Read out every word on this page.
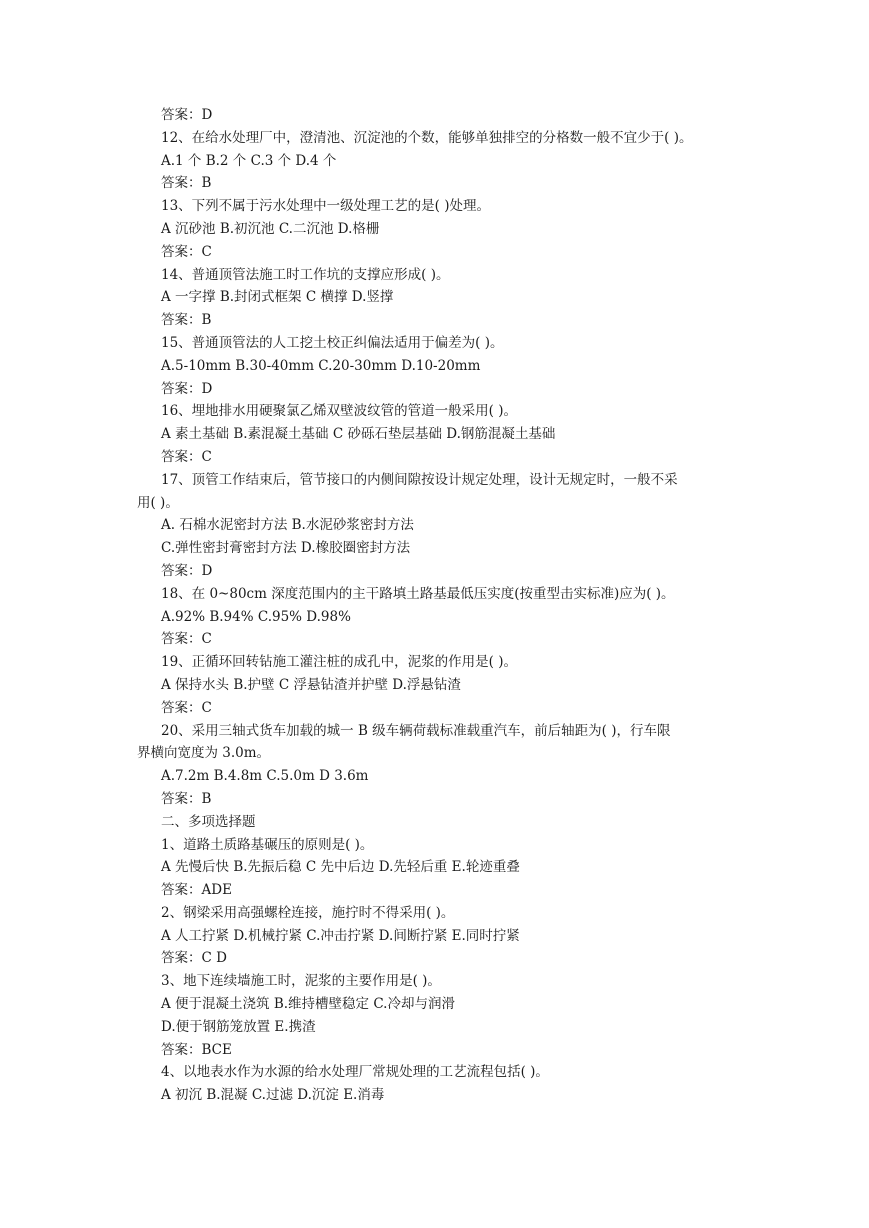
答案：D
12、在给水处理厂中，澄清池、沉淀池的个数，能够单独排空的分格数一般不宜少于( )。
A.1 个 B.2 个 C.3 个 D.4 个
答案：B
13、下列不属于污水处理中一级处理工艺的是( )处理。
A 沉砂池 B.初沉池 C.二沉池 D.格栅
答案：C
14、普通顶管法施工时工作坑的支撑应形成( )。
A 一字撑 B.封闭式框架 C 横撑 D.竖撑
答案：B
15、普通顶管法的人工挖土校正纠偏法适用于偏差为( )。
A.5-10mm B.30-40mm C.20-30mm D.10-20mm
答案：D
16、埋地排水用硬聚氯乙烯双壁波纹管的管道一般采用( )。
A 素土基础 B.素混凝土基础 C 砂砾石垫层基础 D.钢筋混凝土基础
答案：C
17、顶管工作结束后，管节接口的内侧间隙按设计规定处理，设计无规定时，一般不采
用( )。
A. 石棉水泥密封方法 B.水泥砂浆密封方法
C.弹性密封膏密封方法 D.橡胶圈密封方法
答案：D
18、在 0~80cm 深度范围内的主干路填土路基最低压实度(按重型击实标准)应为( )。
A.92% B.94% C.95% D.98%
答案：C
19、正循环回转钻施工灌注桩的成孔中，泥浆的作用是( )。
A 保持水头 B.护壁 C 浮悬钻渣并护壁 D.浮悬钻渣
答案：C
20、采用三轴式货车加载的城一 B 级车辆荷载标准载重汽车，前后轴距为( )，行车限
界横向宽度为 3.0m。
A.7.2m B.4.8m C.5.0m D 3.6m
答案：B
二、多项选择题
1、道路土质路基碾压的原则是( )。
A 先慢后快 B.先振后稳 C 先中后边 D.先轻后重 E.轮迹重叠
答案：ADE
2、钢梁采用高强螺栓连接，施拧时不得采用( )。
A 人工拧紧 D.机械拧紧 C.冲击拧紧 D.间断拧紧 E.同时拧紧
答案：C D
3、地下连续墙施工时，泥浆的主要作用是( )。
A 便于混凝土浇筑 B.维持槽壁稳定 C.冷却与润滑
D.便于钢筋笼放置 E.携渣
答案：BCE
4、以地表水作为水源的给水处理厂常规处理的工艺流程包括( )。
A 初沉 B.混凝 C.过滤 D.沉淀 E.消毒
